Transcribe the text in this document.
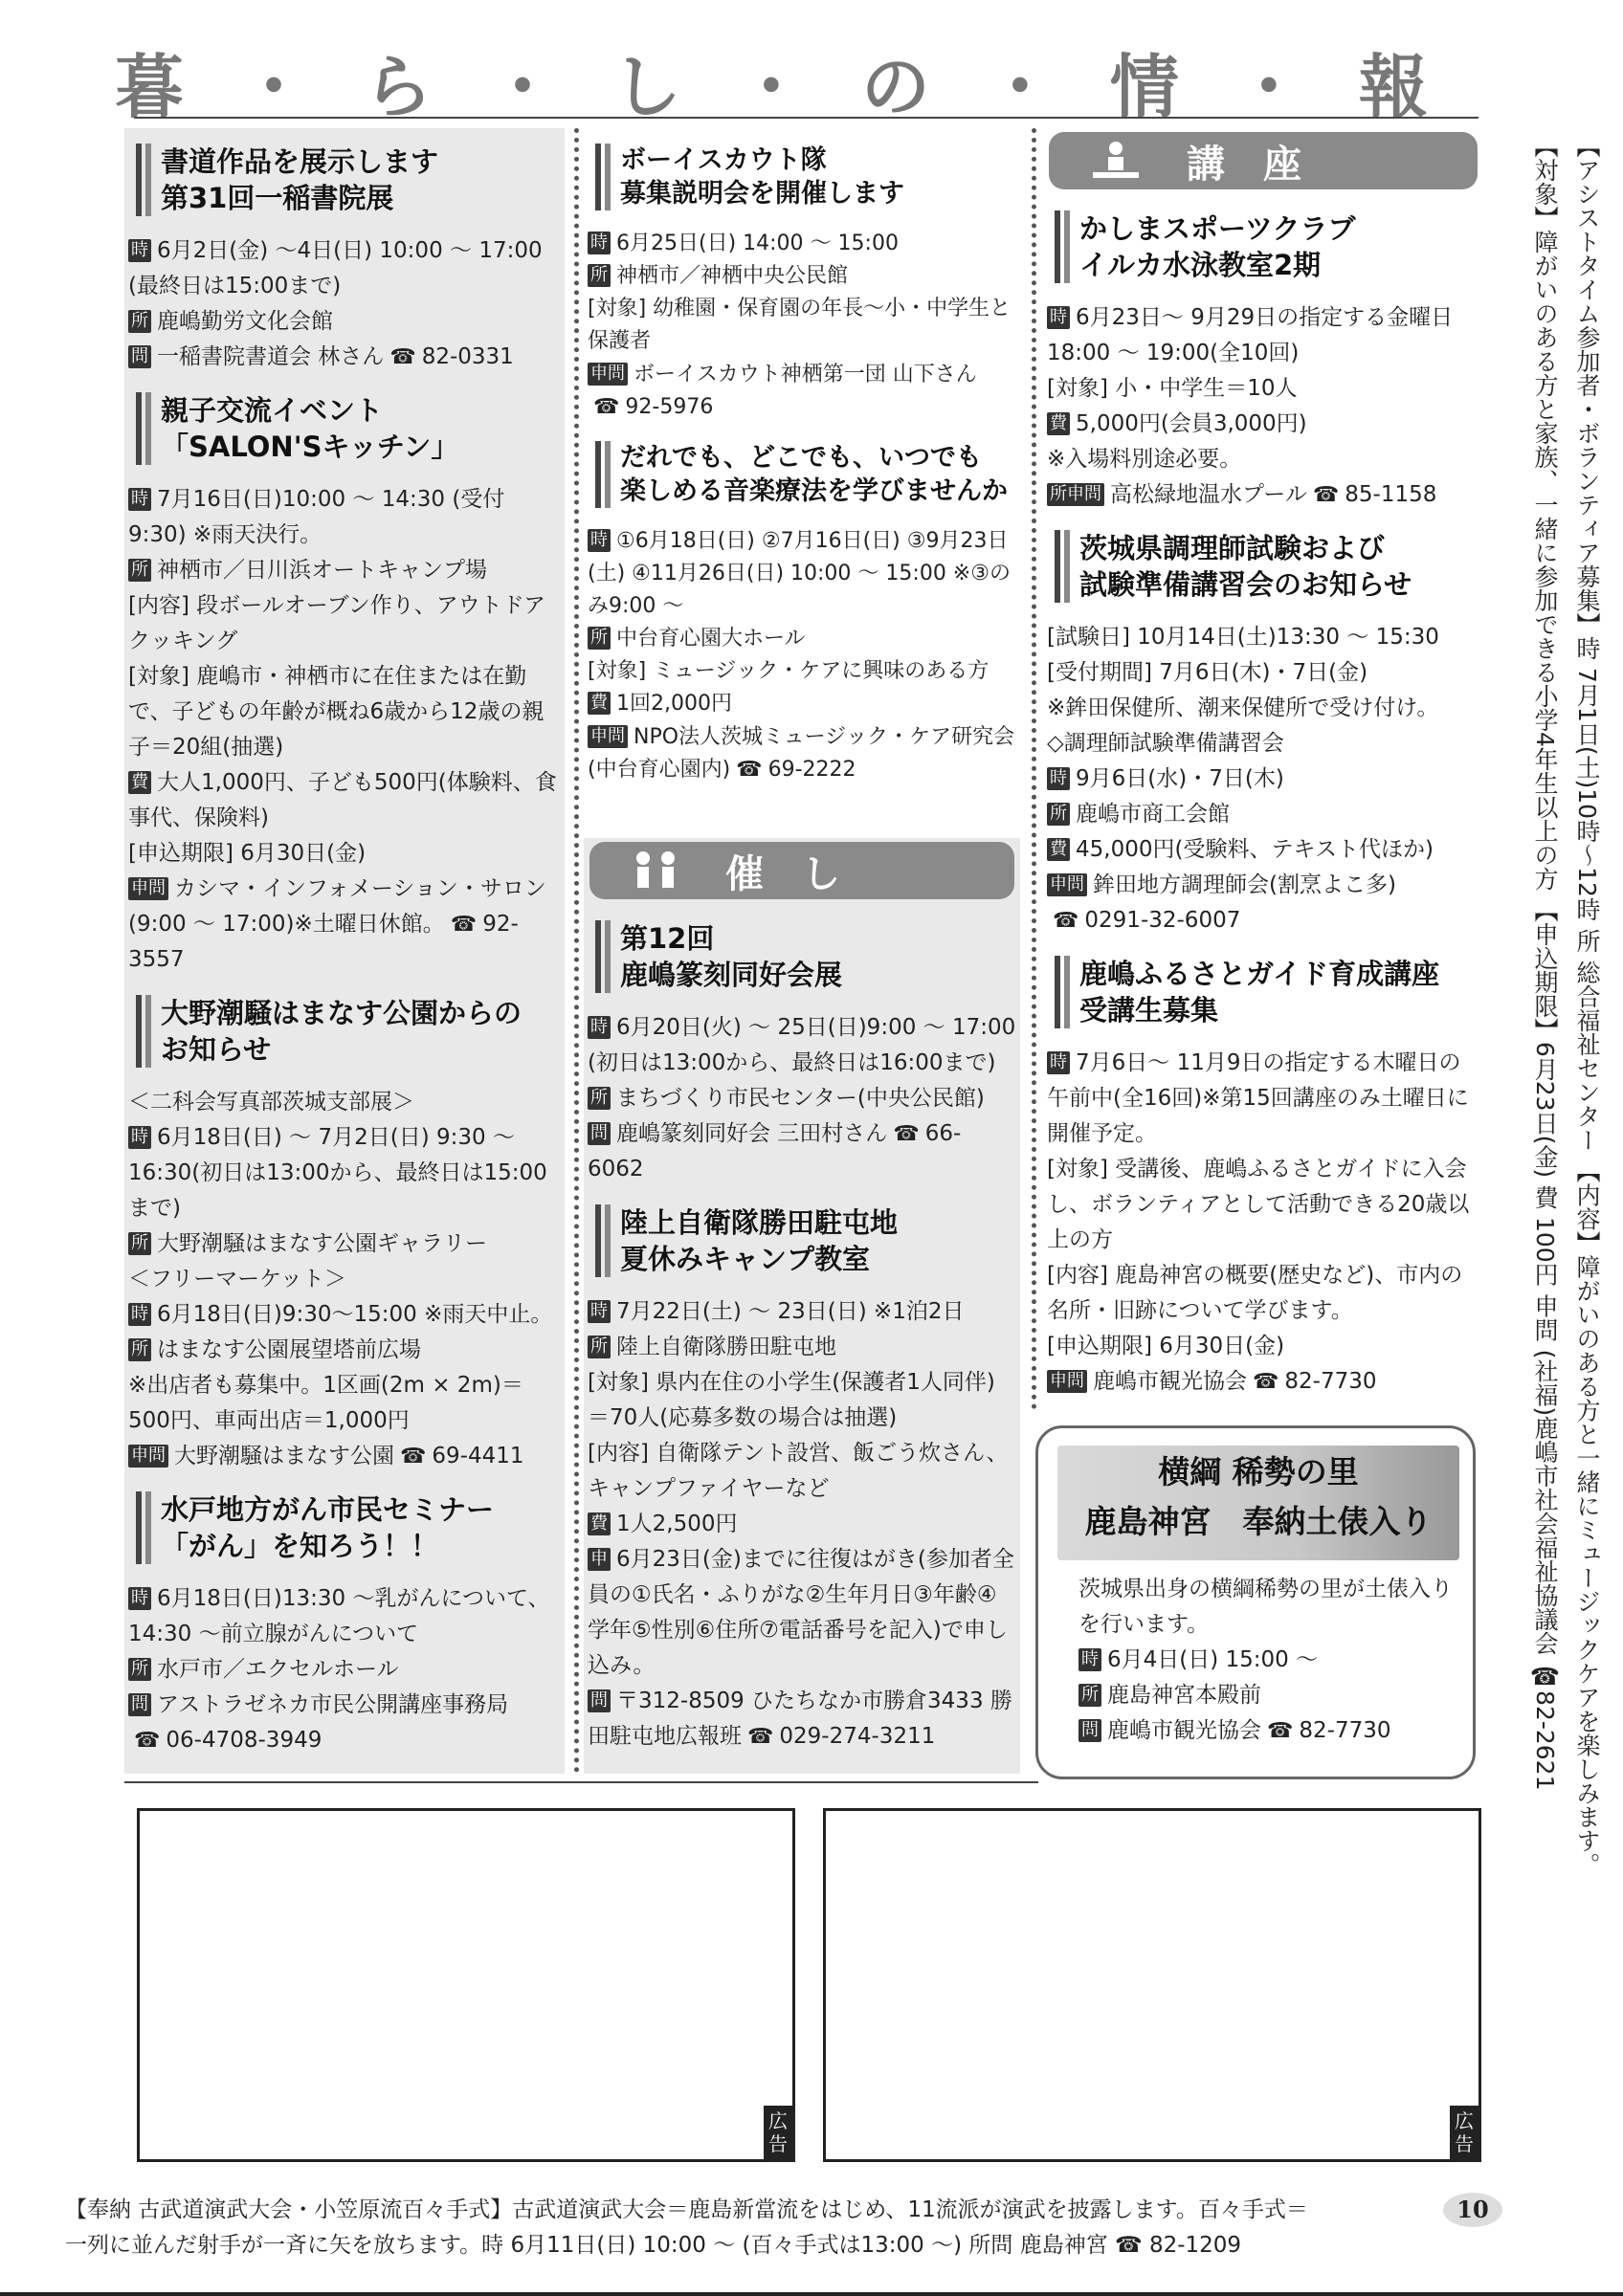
暮 ・ ら ・ し ・ の ・ 情 ・ 報
書道作品を展示します
第31回一稲書院展
時 6月2日(金) ～4日(日) 10:00 ～ 17:00 (最終日は15:00まで)
所 鹿嶋勤労文化会館
問 一稲書院書道会 林さん ☎ 82-0331
親子交流イベント
「SALON'Sキッチン」
時 7月16日(日)10:00 ～ 14:30 (受付9:30) ※雨天決行。
所 神栖市／日川浜オートキャンプ場
[内容] 段ボールオーブン作り、アウトドアクッキング
[対象] 鹿嶋市・神栖市に在住または在勤で、子どもの年齢が概ね6歳から12歳の親子＝20組(抽選)
費 大人1,000円、子ども500円(体験料、食事代、保険料)
[申込期限] 6月30日(金)
申問 カシマ・インフォメーション・サロン(9:00 ～ 17:00)※土曜日休館。 ☎ 92-3557
大野潮騒はまなす公園からの
お知らせ
＜二科会写真部茨城支部展＞
時 6月18日(日) ～ 7月2日(日) 9:30 ～ 16:30(初日は13:00から、最終日は15:00まで)
所 大野潮騒はまなす公園ギャラリー
＜フリーマーケット＞
時 6月18日(日)9:30～15:00 ※雨天中止。
所 はまなす公園展望塔前広場
※出店者も募集中。1区画(2m × 2m)＝500円、車両出店＝1,000円
申問 大野潮騒はまなす公園 ☎ 69-4411
水戸地方がん市民セミナー
「がん」を知ろう！！
時 6月18日(日)13:30 ～乳がんについて、14:30 ～前立腺がんについて
所 水戸市／エクセルホール
問 アストラゼネカ市民公開講座事務局☎ 06-4708-3949
ボーイスカウト隊
募集説明会を開催します
時 6月25日(日) 14:00 ～ 15:00
所 神栖市／神栖中央公民館
[対象] 幼稚園・保育園の年長～小・中学生と保護者
申問 ボーイスカウト神栖第一団 山下さん☎ 92-5976
だれでも、どこでも、いつでも
楽しめる音楽療法を学びませんか
時 ①6月18日(日) ②7月16日(日) ③9月23日(土) ④11月26日(日) 10:00 ～ 15:00 ※③のみ9:00 ～
所 中台育心園大ホール
[対象] ミュージック・ケアに興味のある方
費 1回2,000円
申問 NPO法人茨城ミュージック・ケア研究会(中台育心園内) ☎ 69-2222
催し
第12回
鹿嶋篆刻同好会展
時 6月20日(火) ～ 25日(日)9:00 ～ 17:00 (初日は13:00から、最終日は16:00まで)
所 まちづくり市民センター(中央公民館)
問 鹿嶋篆刻同好会 三田村さん ☎ 66-6062
陸上自衛隊勝田駐屯地
夏休みキャンプ教室
時 7月22日(土) ～ 23日(日) ※1泊2日
所 陸上自衛隊勝田駐屯地
[対象] 県内在住の小学生(保護者1人同伴)＝70人(応募多数の場合は抽選)
[内容] 自衛隊テント設営、飯ごう炊さん、キャンプファイヤーなど
費 1人2,500円
申 6月23日(金)までに往復はがき(参加者全員の①氏名・ふりがな②生年月日③年齢④学年⑤性別⑥住所⑦電話番号を記入)で申し込み。
問 〒312-8509 ひたちなか市勝倉3433 勝田駐屯地広報班 ☎ 029-274-3211
講座
かしまスポーツクラブ
イルカ水泳教室2期
時 6月23日～ 9月29日の指定する金曜日18:00 ～ 19:00(全10回)
[対象] 小・中学生＝10人
費 5,000円(会員3,000円)
※入場料別途必要。
所申問 高松緑地温水プール ☎ 85-1158
茨城県調理師試験および
試験準備講習会のお知らせ
[試験日] 10月14日(土)13:30 ～ 15:30
[受付期間] 7月6日(木)・7日(金)
※鉾田保健所、潮来保健所で受け付け。
◇調理師試験準備講習会
時 9月6日(水)・7日(木)
所 鹿嶋市商工会館
費 45,000円(受験料、テキスト代ほか)
申問 鉾田地方調理師会(割烹よこ多)
☎ 0291-32-6007
鹿嶋ふるさとガイド育成講座
受講生募集
時 7月6日～ 11月9日の指定する木曜日の午前中(全16回)※第15回講座のみ土曜日に開催予定。
[対象] 受講後、鹿嶋ふるさとガイドに入会し、ボランティアとして活動できる20歳以上の方
[内容] 鹿島神宮の概要(歴史など)、市内の名所・旧跡について学びます。
[申込期限] 6月30日(金)
申問 鹿嶋市観光協会 ☎ 82-7730
横綱 稀勢の里
鹿島神宮　奉納土俵入り
茨城県出身の横綱稀勢の里が土俵入りを行います。
時 6月4日(日) 15:00 ～
所 鹿島神宮本殿前
問 鹿嶋市観光協会 ☎ 82-7730
広告
広告
【アシストタイム参加者・ボランティア募集】時 7月1日(土)10時～12時 所 総合福祉センター 【内容】障がいのある方と一緒にミュージックケアを楽しみます。
【対象】障がいのある方と家族、一緒に参加できる小学4年生以上の方 【申込期限】6月23日(金) 費 100円 申問 (社福)鹿嶋市社会福祉協議会 ☎82-2621
【奉納 古武道演武大会・小笠原流百々手式】古武道演武大会＝鹿島新當流をはじめ、11流派が演武を披露します。百々手式＝
一列に並んだ射手が一斉に矢を放ちます。時 6月11日(日) 10:00 ～ (百々手式は13:00 ～) 所問 鹿島神宮 ☎ 82-1209
10
